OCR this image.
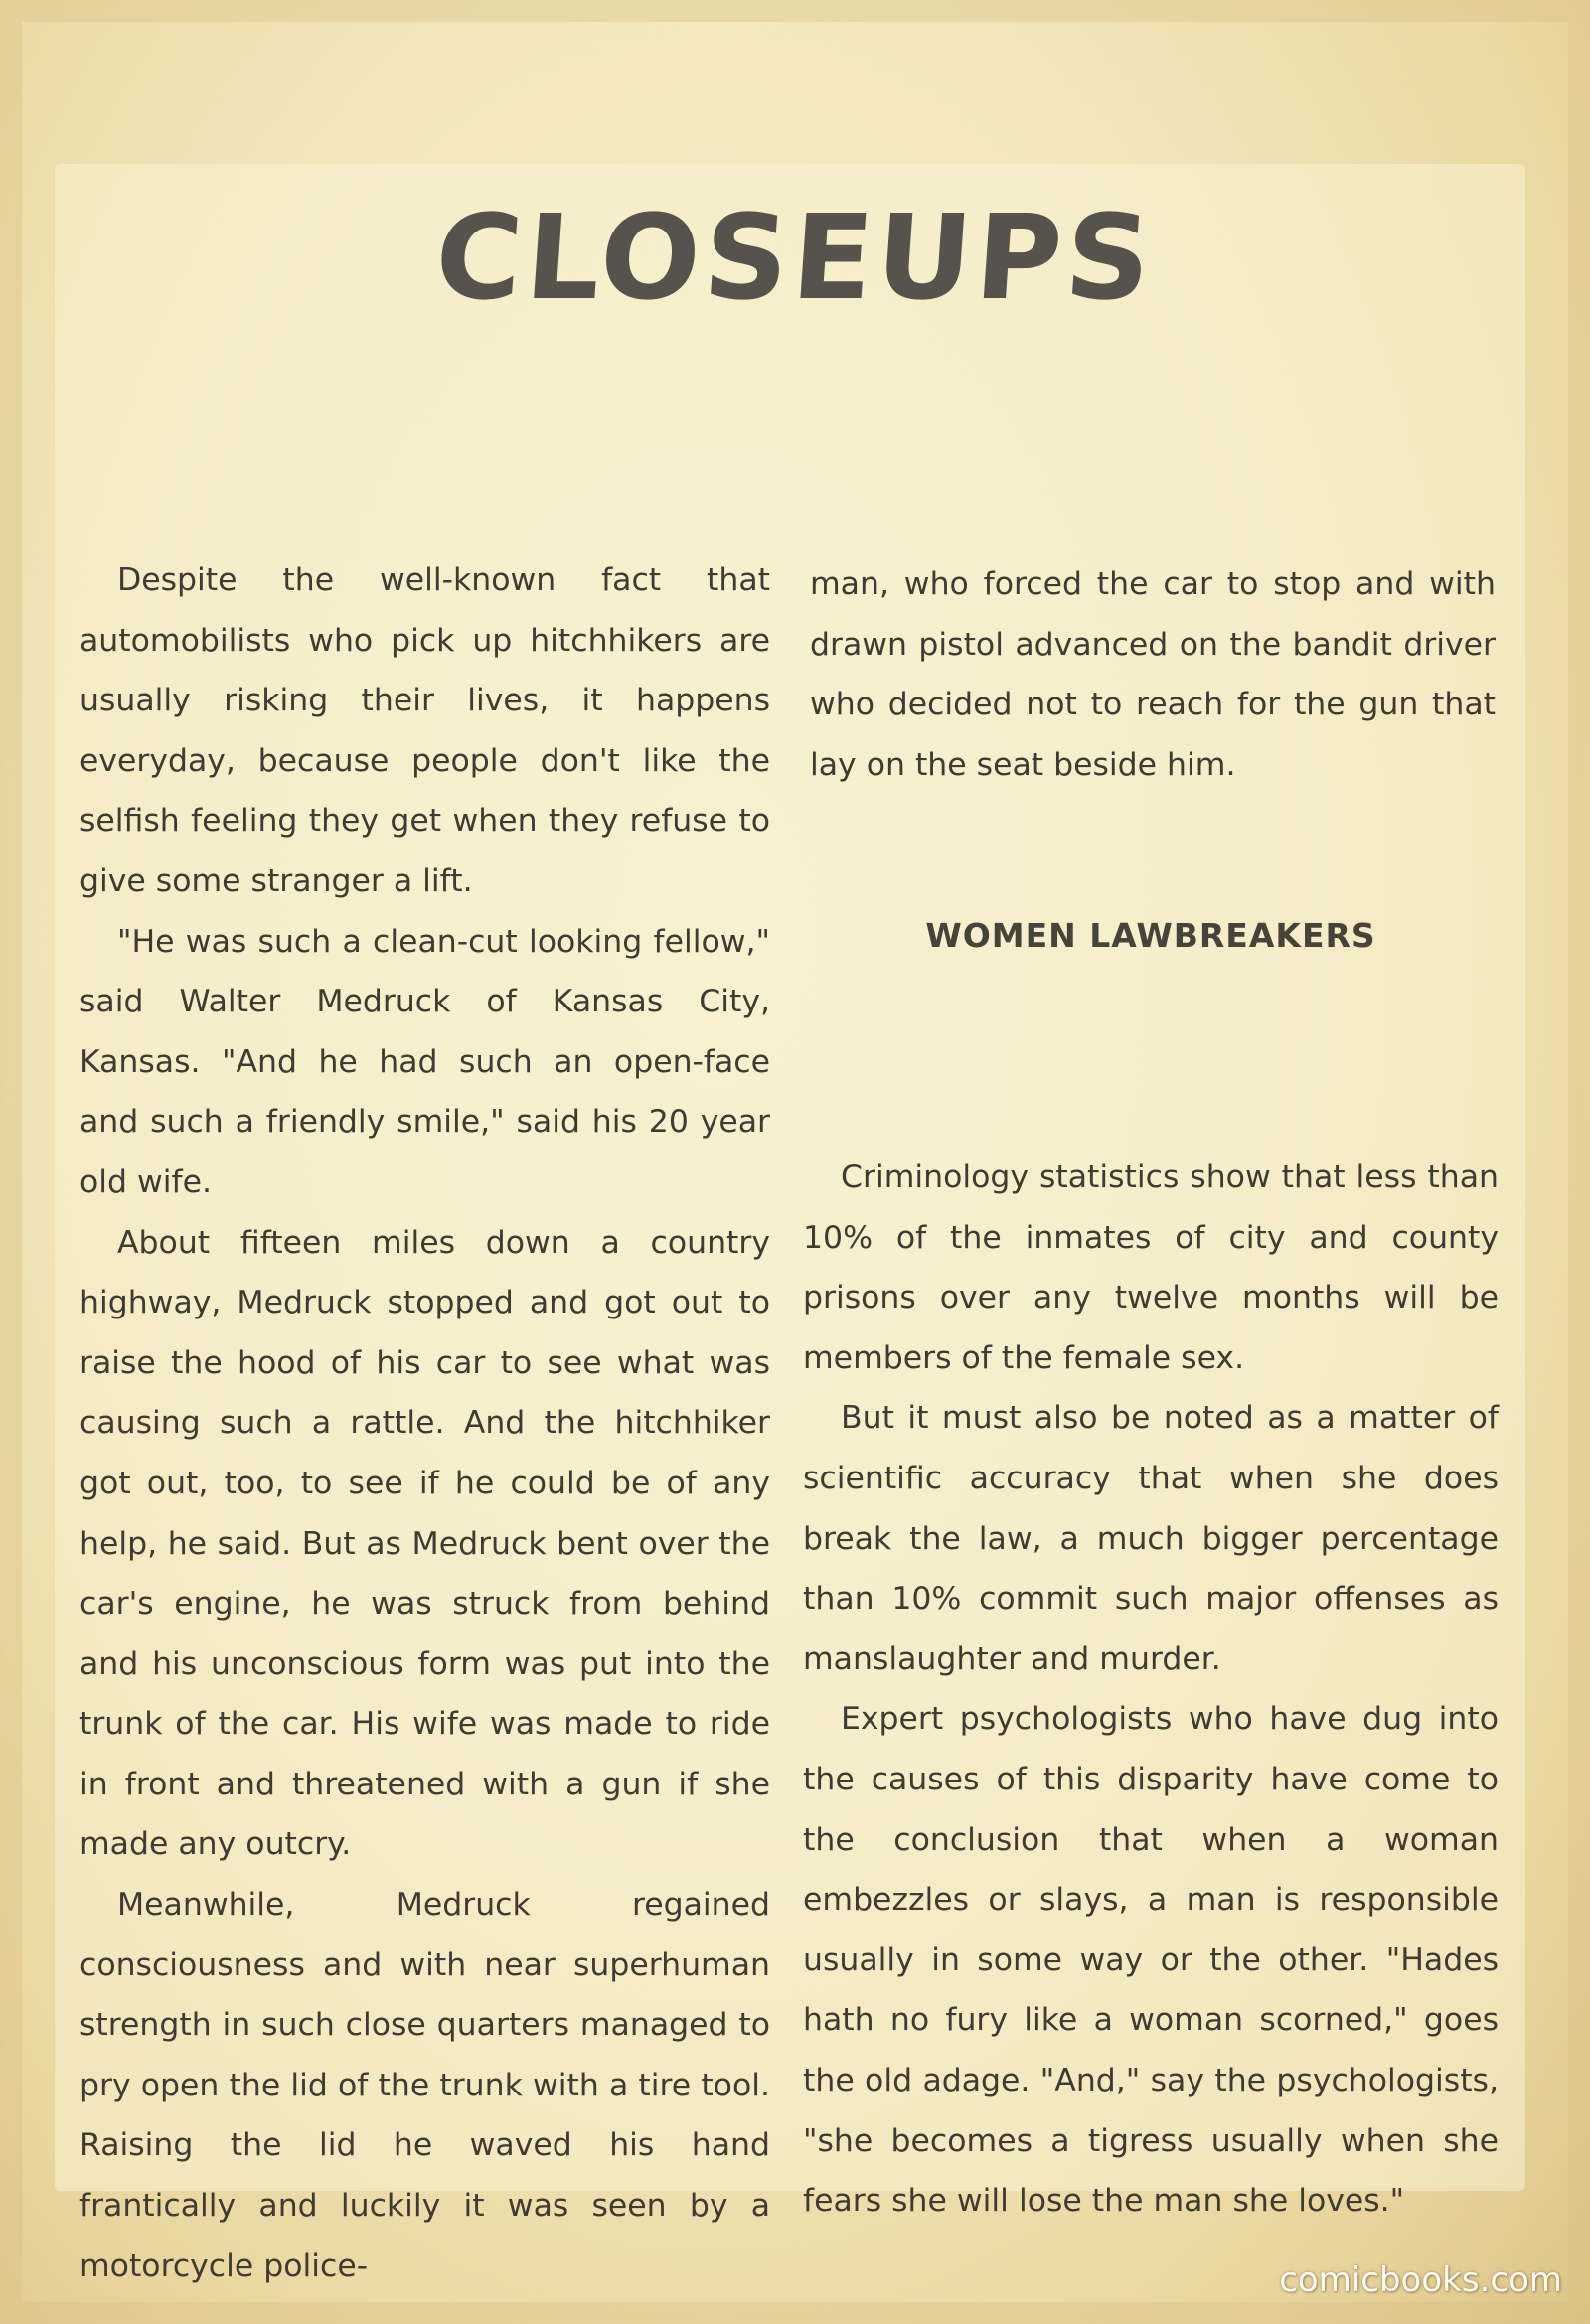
CLOSEUPS

Despite the well-known fact that automobilists who pick up hitchhikers are usually risking their lives, it happens everyday, because people don't like the selfish feeling they get when they refuse to give some stranger a lift.

"He was such a clean-cut looking fellow," said Walter Medruck of Kansas City, Kansas. "And he had such an open-face and such a friendly smile," said his 20 year old wife.

About fifteen miles down a country highway, Medruck stopped and got out to raise the hood of his car to see what was causing such a rattle. And the hitchhiker got out, too, to see if he could be of any help, he said. But as Medruck bent over the car's engine, he was struck from behind and his unconscious form was put into the trunk of the car. His wife was made to ride in front and threatened with a gun if she made any outcry.

Meanwhile, Medruck regained consciousness and with near superhuman strength in such close quarters managed to pry open the lid of the trunk with a tire tool. Raising the lid he waved his hand frantically and luckily it was seen by a motorcycle police-

man, who forced the car to stop and with drawn pistol advanced on the bandit driver who decided not to reach for the gun that lay on the seat beside him.

WOMEN LAWBREAKERS

Criminology statistics show that less than 10% of the inmates of city and county prisons over any twelve months will be members of the female sex.

But it must also be noted as a matter of scientific accuracy that when she does break the law, a much bigger percentage than 10% commit such major offenses as manslaughter and murder.

Expert psychologists who have dug into the causes of this disparity have come to the conclusion that when a woman embezzles or slays, a man is responsible usually in some way or the other. "Hades hath no fury like a woman scorned," goes the old adage. "And," say the psychologists, "she becomes a tigress usually when she fears she will lose the man she loves."

comicbooks.com
